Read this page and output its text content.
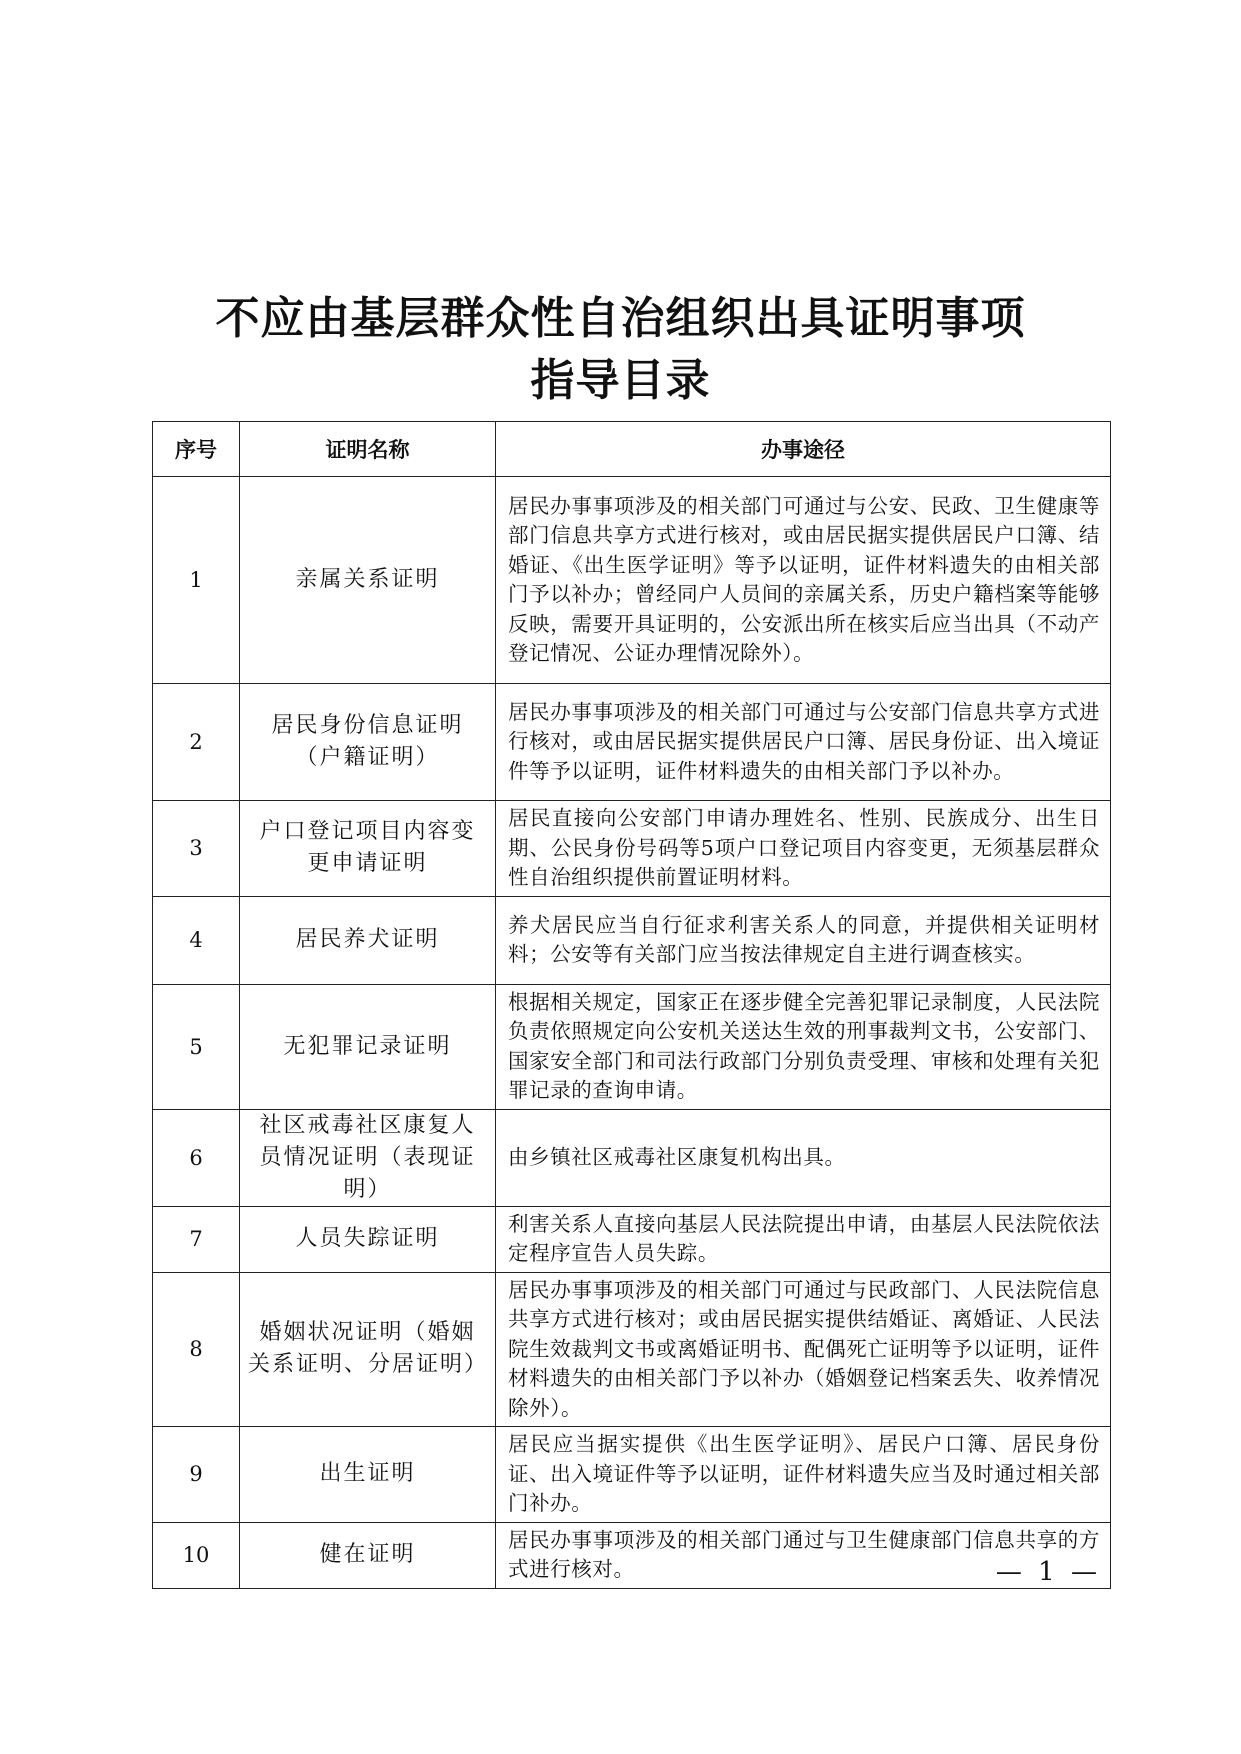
不应由基层群众性自治组织出具证明事项
指导目录
序号	证明名称	办事途径
1	亲属关系证明	居民办事事项涉及的相关部门可通过与公安、民政、卫生健康等部门信息共享方式进行核对，或由居民据实提供居民户口簿、结婚证、《出生医学证明》等予以证明，证件材料遗失的由相关部门予以补办；曾经同户人员间的亲属关系，历史户籍档案等能够反映，需要开具证明的，公安派出所在核实后应当出具（不动产登记情况、公证办理情况除外）。
2	居民身份信息证明（户籍证明）	居民办事事项涉及的相关部门可通过与公安部门信息共享方式进行核对，或由居民据实提供居民户口簿、居民身份证、出入境证件等予以证明，证件材料遗失的由相关部门予以补办。
3	户口登记项目内容变更申请证明	居民直接向公安部门申请办理姓名、性别、民族成分、出生日期、公民身份号码等5项户口登记项目内容变更，无须基层群众性自治组织提供前置证明材料。
4	居民养犬证明	养犬居民应当自行征求利害关系人的同意，并提供相关证明材料；公安等有关部门应当按法律规定自主进行调查核实。
5	无犯罪记录证明	根据相关规定，国家正在逐步健全完善犯罪记录制度，人民法院负责依照规定向公安机关送达生效的刑事裁判文书，公安部门、国家安全部门和司法行政部门分别负责受理、审核和处理有关犯罪记录的查询申请。
6	社区戒毒社区康复人员情况证明（表现证明）	由乡镇社区戒毒社区康复机构出具。
7	人员失踪证明	利害关系人直接向基层人民法院提出申请，由基层人民法院依法定程序宣告人员失踪。
8	婚姻状况证明（婚姻关系证明、分居证明）	居民办事事项涉及的相关部门可通过与民政部门、人民法院信息共享方式进行核对；或由居民据实提供结婚证、离婚证、人民法院生效裁判文书或离婚证明书、配偶死亡证明等予以证明，证件材料遗失的由相关部门予以补办（婚姻登记档案丢失、收养情况除外）。
9	出生证明	居民应当据实提供《出生医学证明》、居民户口簿、居民身份证、出入境证件等予以证明，证件材料遗失应当及时通过相关部门补办。
10	健在证明	居民办事事项涉及的相关部门通过与卫生健康部门信息共享的方式进行核对。	— 1 —
